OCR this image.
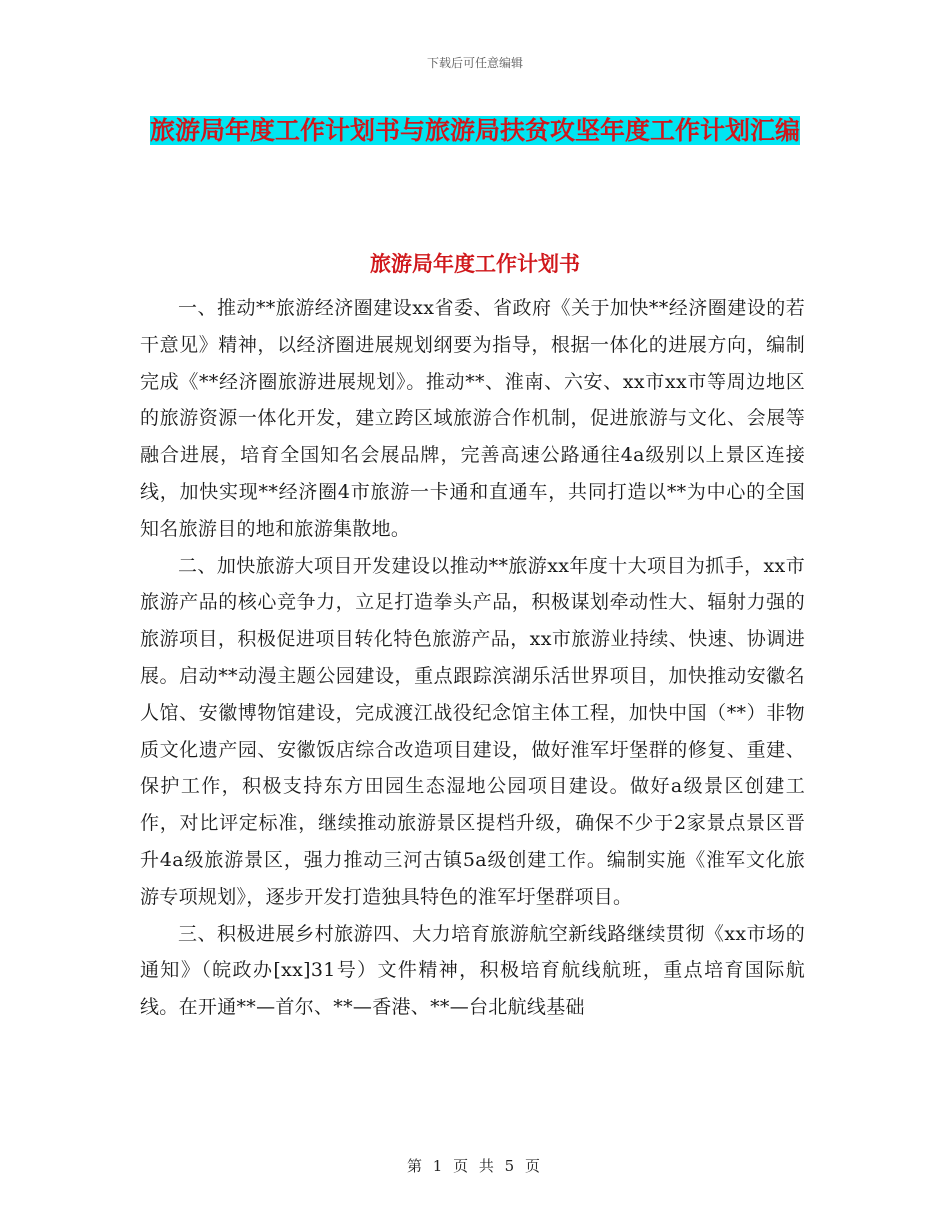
下载后可任意编辑
旅游局年度工作计划书与旅游局扶贫攻坚年度工作计划汇编
旅游局年度工作计划书

一、推动**旅游经济圈建设xx省委、省政府《关于加快**经济圈建设的若干意见》精神，以经济圈进展规划纲要为指导，根据一体化的进展方向，编制完成《**经济圈旅游进展规划》。推动**、淮南、六安、xx市xx市等周边地区的旅游资源一体化开发，建立跨区域旅游合作机制，促进旅游与文化、会展等融合进展，培育全国知名会展品牌，完善高速公路通往4a级别以上景区连接线，加快实现**经济圈4市旅游一卡通和直通车，共同打造以**为中心的全国知名旅游目的地和旅游集散地。

二、加快旅游大项目开发建设以推动**旅游xx年度十大项目为抓手，xx市旅游产品的核心竞争力，立足打造拳头产品，积极谋划牵动性大、辐射力强的旅游项目，积极促进项目转化特色旅游产品，xx市旅游业持续、快速、协调进展。启动**动漫主题公园建设，重点跟踪滨湖乐活世界项目，加快推动安徽名人馆、安徽博物馆建设，完成渡江战役纪念馆主体工程，加快中国（**）非物质文化遗产园、安徽饭店综合改造项目建设，做好淮军圩堡群的修复、重建、保护工作，积极支持东方田园生态湿地公园项目建设。做好a级景区创建工作，对比评定标准，继续推动旅游景区提档升级，确保不少于2家景点景区晋升4a级旅游景区，强力推动三河古镇5a级创建工作。编制实施《淮军文化旅游专项规划》，逐步开发打造独具特色的淮军圩堡群项目。

三、积极进展乡村旅游四、大力培育旅游航空新线路继续贯彻《xx市场的通知》（皖政办[xx]31号）文件精神，积极培育航线航班，重点培育国际航线。在开通**—首尔、**—香港、**—台北航线基础

第 1 页 共 5 页
